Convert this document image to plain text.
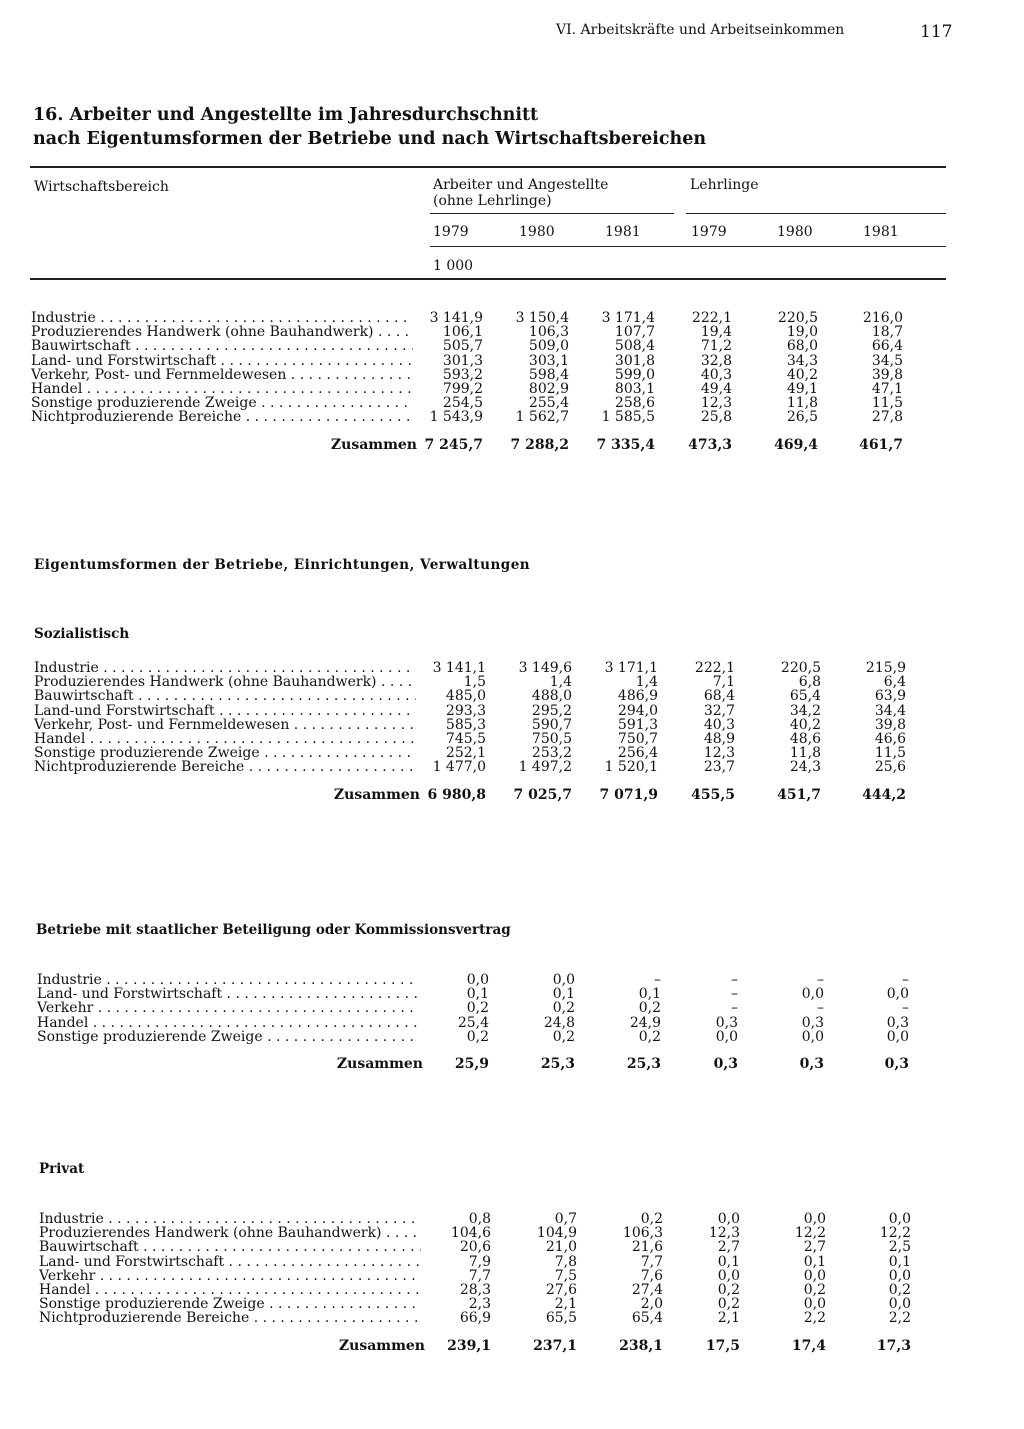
VI. Arbeitskräfte und Arbeitseinkommen	117
16. Arbeiter und Angestellte im Jahresdurchschnitt
nach Eigentumsformen der Betriebe und nach Wirtschaftsbereichen
Wirtschaftsbereich	Arbeiter und Angestellte
(ohne Lehrlinge)
Lehrlinge
1979	1980	1981	1979	1980	1981
1 000
Eigentumsformen der Betriebe, Einrichtungen, Verwaltungen
Sozialistisch
Betriebe mit staatlicher Beteiligung oder Kommissionsvertrag
Privat
Industrie . . .	3 141,9	3 150,4	3 171,4	222,1	220,5	216,0
Produzierendes Handwerk (ohne Bauhandwerk) . . .	106,1	106,3	107,7	19,4	19,0	18,7
Bauwirtschaft . . .	505,7	509,0	508,4	71,2	68,0	66,4
Land- und Forstwirtschaft . . .	301,3	303,1	301,8	32,8	34,3	34,5
Verkehr, Post- und Fernmeldewesen . . .	593,2	598,4	599,0	40,3	40,2	39,8
Handel . . .	799,2	802,9	803,1	49,4	49,1	47,1
Sonstige produzierende Zweige . . .	254,5	255,4	258,6	12,3	11,8	11,5
Nichtproduzierende Bereiche . . .	1 543,9	1 562,7	1 585,5	25,8	26,5	27,8
Zusammen 7 245,7	7 288,2	7 335,4	473,3	469,4	461,7
Industrie . . .	3 141,1	3 149,6	3 171,1	222,1	220,5	215,9
Produzierendes Handwerk (ohne Bauhandwerk) . . .	1,5	1,4	1,4	7,1	6,8	6,4
Bauwirtschaft . . .	485,0	488,0	486,9	68,4	65,4	63,9
Land-und Forstwirtschaft . . .	293,3	295,2	294,0	32,7	34,2	34,4
Verkehr, Post- und Fernmeldewesen . . .	585,3	590,7	591,3	40,3	40,2	39,8
Handel . . .	745,5	750,5	750,7	48,9	48,6	46,6
Sonstige produzierende Zweige . . .	252,1	253,2	256,4	12,3	11,8	11,5
Nichtproduzierende Bereiche . . .	1 477,0	1 497,2	1 520,1	23,7	24,3	25,6
Zusammen 6 980,8	7 025,7	7 071,9	455,5	451,7	444,2
Industrie . . .	0,0	0,0	–	–	–	–
Land- und Forstwirtschaft . . .	0,1	0,1	0,1	–	0,0	0,0
Verkehr . . .	0,2	0,2	0,2	–	–	–
Handel . . .	25,4	24,8	24,9	0,3	0,3	0,3
Sonstige produzierende Zweige . . .	0,2	0,2	0,2	0,0	0,0	0,0
Zusammen	25,9	25,3	25,3	0,3	0,3	0,3
Industrie . . .	0,8	0,7	0,2	0,0	0,0	0,0
Produzierendes Handwerk (ohne Bauhandwerk) . . .	104,6	104,9	106,3	12,3	12,2	12,2
Bauwirtschaft . . .	20,6	21,0	21,6	2,7	2,7	2,5
Land- und Forstwirtschaft . . .	7,9	7,8	7,7	0,1	0,1	0,1
Verkehr . . .	7,7	7,5	7,6	0,0	0,0	0,0
Handel . . .	28,3	27,6	27,4	0,2	0,2	0,2
Sonstige produzierende Zweige . . .	2,3	2,1	2,0	0,2	0,0	0,0
Nichtproduzierende Bereiche . . .	66,9	65,5	65,4	2,1	2,2	2,2
Zusammen	239,1	237,1	238,1	17,5	17,4	17,3
